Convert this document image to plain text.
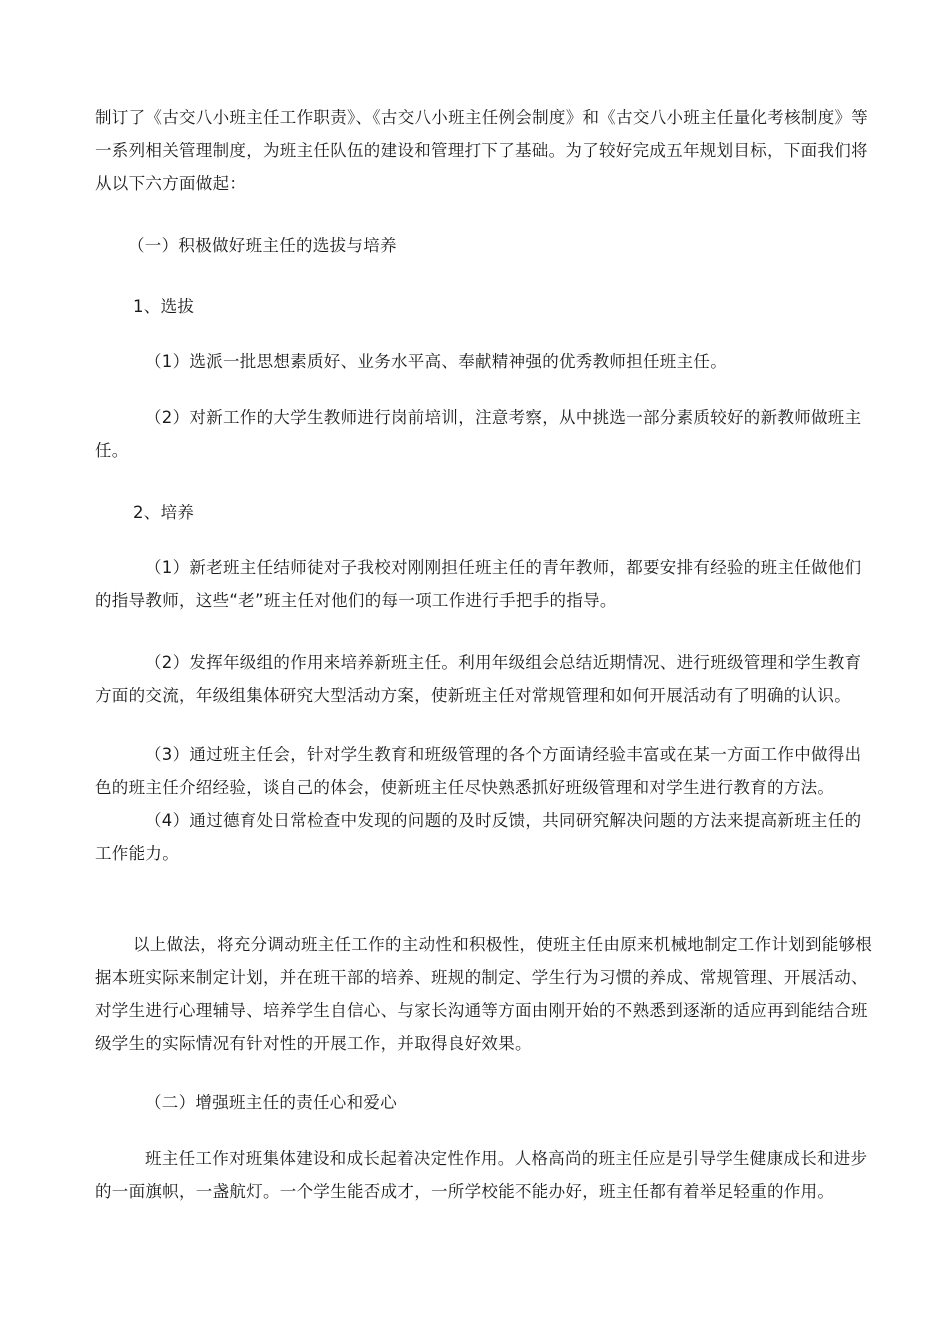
制订了《古交八小班主任工作职责》、《古交八小班主任例会制度》和《古交八小班主任量化考核制度》等一系列相关管理制度，为班主任队伍的建设和管理打下了基础。为了较好完成五年规划目标，下面我们将从以下六方面做起：

（一）积极做好班主任的选拔与培养

1、选拔

（1）选派一批思想素质好、业务水平高、奉献精神强的优秀教师担任班主任。

（2）对新工作的大学生教师进行岗前培训，注意考察，从中挑选一部分素质较好的新教师做班主任。

2、培养

（1）新老班主任结师徒对子我校对刚刚担任班主任的青年教师，都要安排有经验的班主任做他们的指导教师，这些“老”班主任对他们的每一项工作进行手把手的指导。

（2）发挥年级组的作用来培养新班主任。利用年级组会总结近期情况、进行班级管理和学生教育方面的交流，年级组集体研究大型活动方案，使新班主任对常规管理和如何开展活动有了明确的认识。

（3）通过班主任会，针对学生教育和班级管理的各个方面请经验丰富或在某一方面工作中做得出色的班主任介绍经验，谈自己的体会，使新班主任尽快熟悉抓好班级管理和对学生进行教育的方法。

（4）通过德育处日常检查中发现的问题的及时反馈，共同研究解决问题的方法来提高新班主任的工作能力。

以上做法，将充分调动班主任工作的主动性和积极性，使班主任由原来机械地制定工作计划到能够根据本班实际来制定计划，并在班干部的培养、班规的制定、学生行为习惯的养成、常规管理、开展活动、对学生进行心理辅导、培养学生自信心、与家长沟通等方面由刚开始的不熟悉到逐渐的适应再到能结合班级学生的实际情况有针对性的开展工作，并取得良好效果。

（二）增强班主任的责任心和爱心

班主任工作对班集体建设和成长起着决定性作用。人格高尚的班主任应是引导学生健康成长和进步的一面旗帜，一盏航灯。一个学生能否成才，一所学校能不能办好，班主任都有着举足轻重的作用。
